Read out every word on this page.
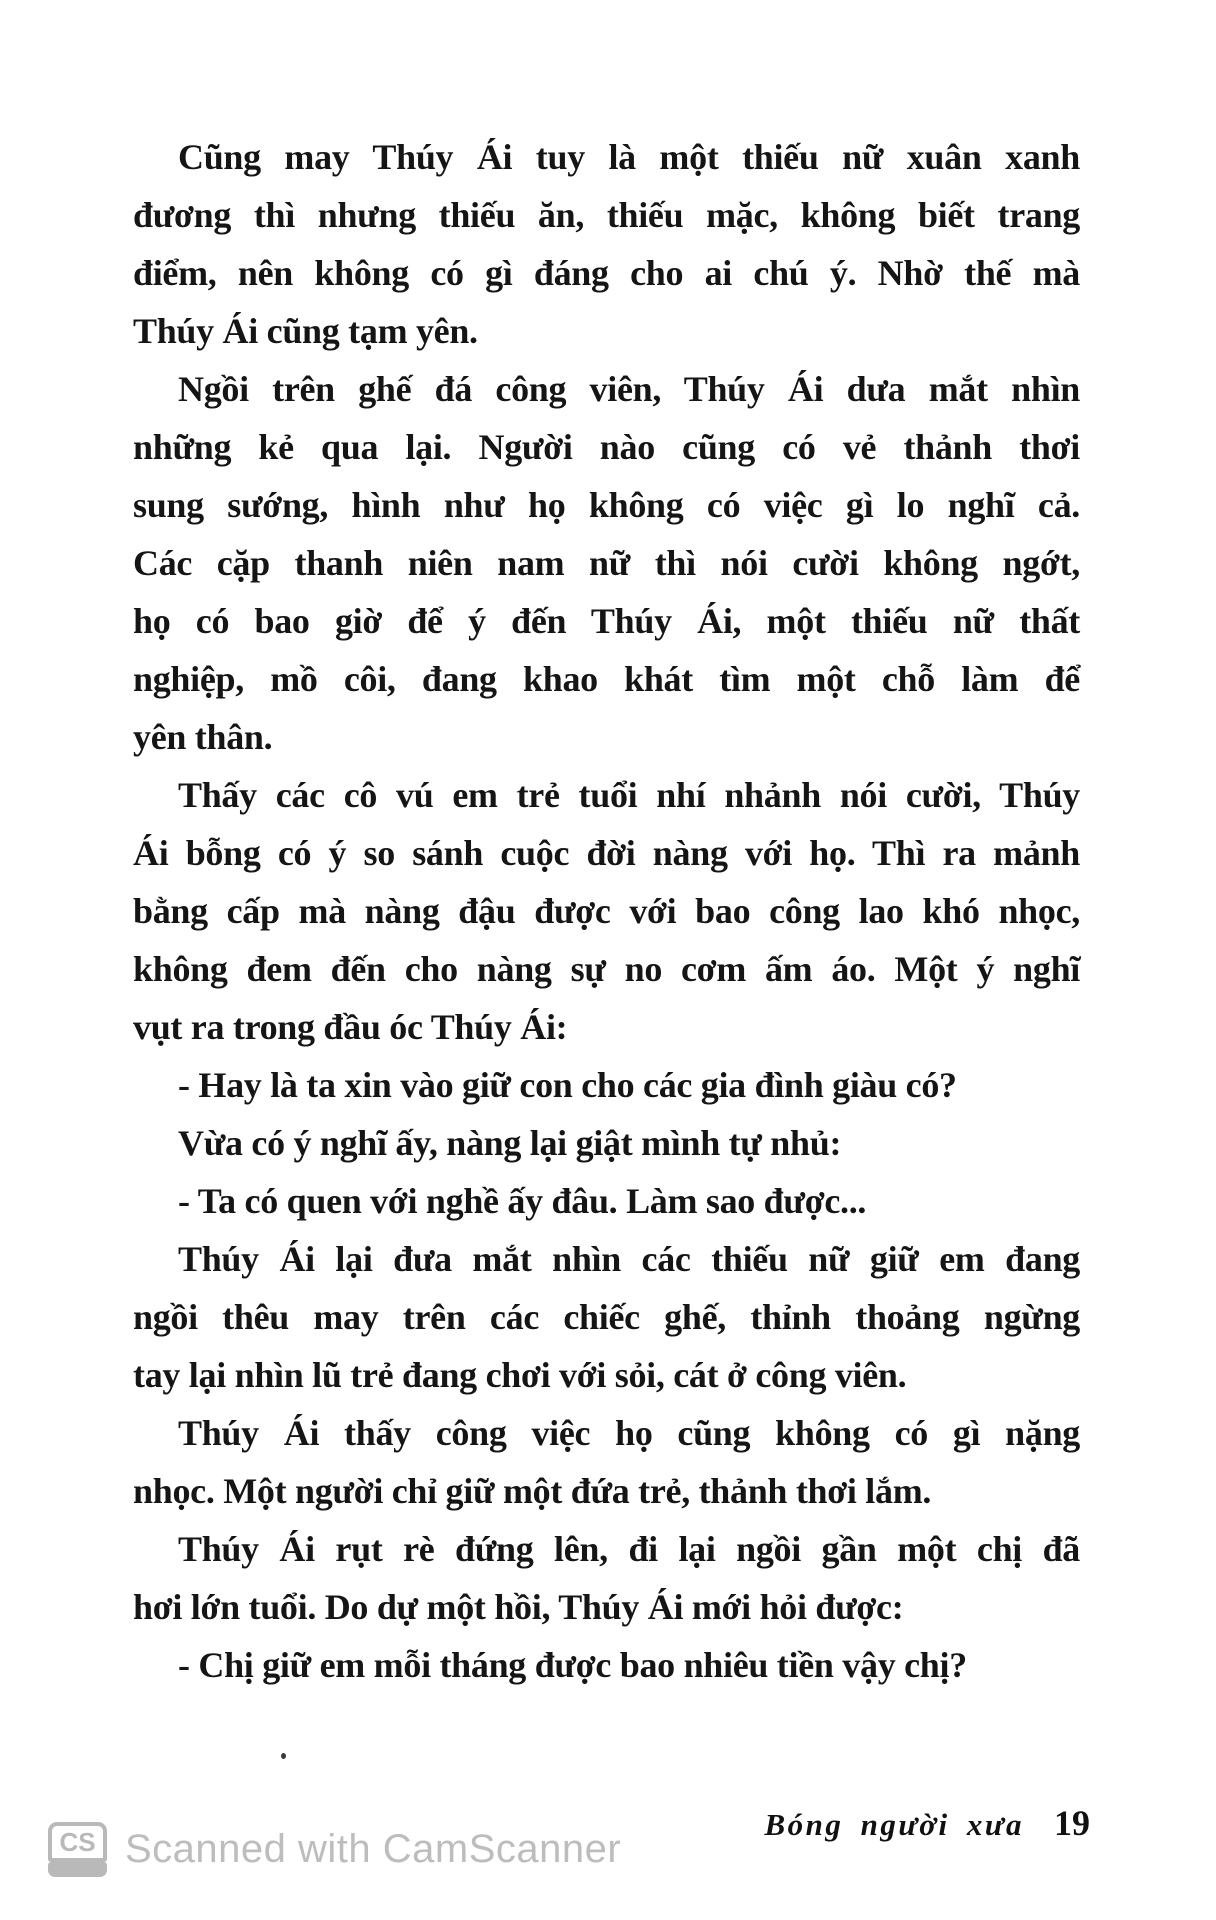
Cũng may Thúy Ái tuy là một thiếu nữ xuân xanh
đương thì nhưng thiếu ăn, thiếu mặc, không biết trang
điểm, nên không có gì đáng cho ai chú ý. Nhờ thế mà
Thúy Ái cũng tạm yên.

Ngồi trên ghế đá công viên, Thúy Ái dưa mắt nhìn
những kẻ qua lại. Người nào cũng có vẻ thảnh thơi
sung sướng, hình như họ không có việc gì lo nghĩ cả.
Các cặp thanh niên nam nữ thì nói cười không ngớt,
họ có bao giờ để ý đến Thúy Ái, một thiếu nữ thất
nghiệp, mồ côi, đang khao khát tìm một chỗ làm để
yên thân.

Thấy các cô vú em trẻ tuổi nhí nhảnh nói cười, Thúy
Ái bỗng có ý so sánh cuộc đời nàng với họ. Thì ra mảnh
bằng cấp mà nàng đậu được với bao công lao khó nhọc,
không đem đến cho nàng sự no cơm ấm áo. Một ý nghĩ
vụt ra trong đầu óc Thúy Ái:

- Hay là ta xin vào giữ con cho các gia đình giàu có?

Vừa có ý nghĩ ấy, nàng lại giật mình tự nhủ:

- Ta có quen với nghề ấy đâu. Làm sao được...

Thúy Ái lại đưa mắt nhìn các thiếu nữ giữ em đang
ngồi thêu may trên các chiếc ghế, thỉnh thoảng ngừng
tay lại nhìn lũ trẻ đang chơi với sỏi, cát ở công viên.

Thúy Ái thấy công việc họ cũng không có gì nặng
nhọc. Một người chỉ giữ một đứa trẻ, thảnh thơi lắm.

Thúy Ái rụt rè đứng lên, đi lại ngồi gần một chị đã
hơi lớn tuổi. Do dự một hồi, Thúy Ái mới hỏi được:

- Chị giữ em mỗi tháng được bao nhiêu tiền vậy chị?

Bóng người xưa 19
CS Scanned with CamScanner
